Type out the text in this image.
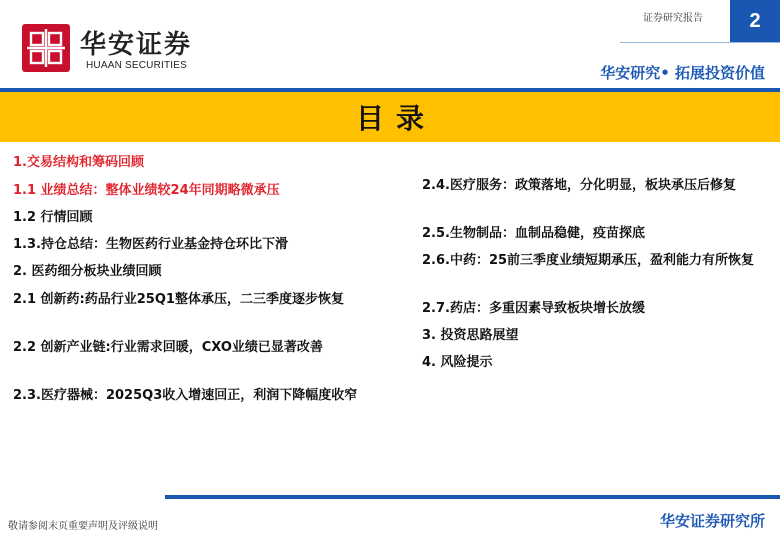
华安证券
HUAAN SECURITIES
证券研究报告	2
华安研究• 拓展投资价值
目录
1.交易结构和筹码回顾
1.1 业绩总结：整体业绩较24年同期略微承压
1.2 行情回顾
1.3.持仓总结：生物医药行业基金持仓环比下滑
2. 医药细分板块业绩回顾
2.1 创新药:药品行业25Q1整体承压，二三季度逐步恢复
2.2 创新产业链:行业需求回暖，CXO业绩已显著改善
2.3.医疗器械：2025Q3收入增速回正，利润下降幅度收窄
2.4.医疗服务：政策落地，分化明显，板块承压后修复
2.5.生物制品：血制品稳健，疫苗探底
2.6.中药：25前三季度业绩短期承压，盈利能力有所恢复
2.7.药店：多重因素导致板块增长放缓
3. 投资思路展望
4. 风险提示
敬请参阅末页重要声明及评级说明	华安证券研究所
